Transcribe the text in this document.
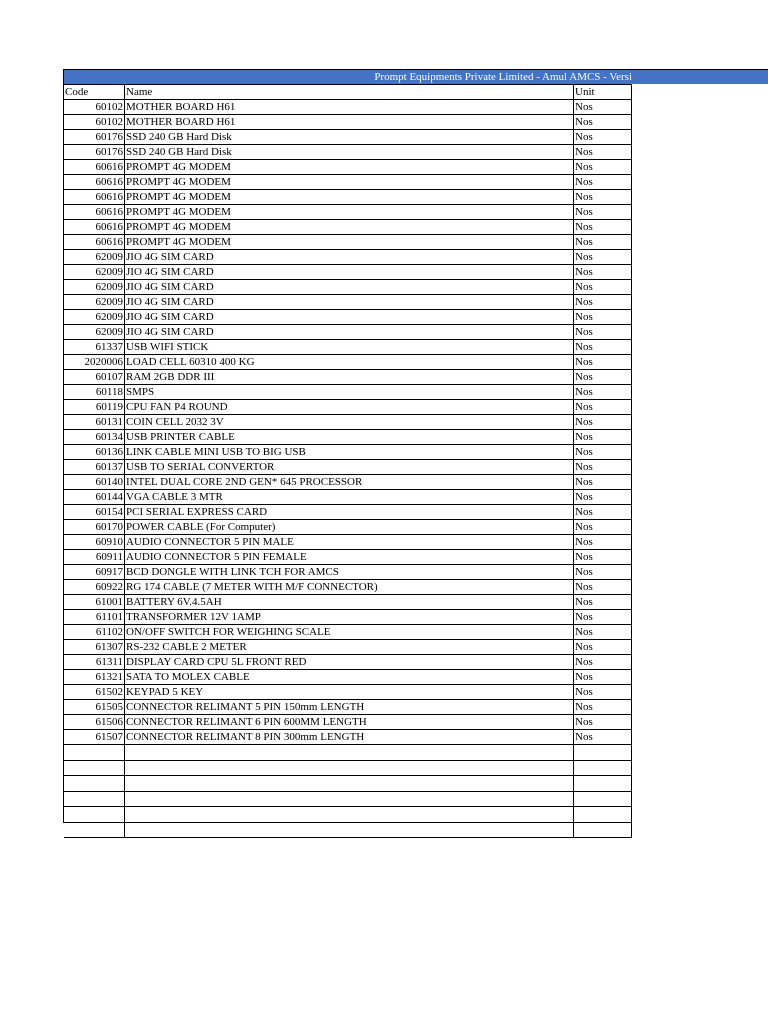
Prompt Equipments Private Limited - Amul AMCS - Versi
Code	Name	Unit
60102	MOTHER BOARD H61	Nos
60102	MOTHER BOARD H61	Nos
60176	SSD 240 GB Hard Disk	Nos
60176	SSD 240 GB Hard Disk	Nos
60616	PROMPT 4G MODEM	Nos
60616	PROMPT 4G MODEM	Nos
60616	PROMPT 4G MODEM	Nos
60616	PROMPT 4G MODEM	Nos
60616	PROMPT 4G MODEM	Nos
60616	PROMPT 4G MODEM	Nos
62009	JIO 4G SIM CARD	Nos
62009	JIO 4G SIM CARD	Nos
62009	JIO 4G SIM CARD	Nos
62009	JIO 4G SIM CARD	Nos
62009	JIO 4G SIM CARD	Nos
62009	JIO 4G SIM CARD	Nos
61337	USB WIFI STICK	Nos
2020006	LOAD CELL 60310 400 KG	Nos
60107	RAM 2GB DDR III	Nos
60118	SMPS	Nos
60119	CPU FAN P4 ROUND	Nos
60131	COIN CELL 2032 3V	Nos
60134	USB PRINTER CABLE	Nos
60136	LINK CABLE MINI USB TO BIG USB	Nos
60137	USB TO SERIAL CONVERTOR	Nos
60140	INTEL DUAL CORE 2ND GEN* 645 PROCESSOR	Nos
60144	VGA CABLE 3 MTR	Nos
60154	PCI SERIAL EXPRESS CARD	Nos
60170	POWER CABLE (For Computer)	Nos
60910	AUDIO CONNECTOR 5 PIN MALE	Nos
60911	AUDIO CONNECTOR 5 PIN FEMALE	Nos
60917	BCD DONGLE WITH LINK TCH FOR AMCS	Nos
60922	RG 174 CABLE (7 METER WITH M/F CONNECTOR)	Nos
61001	BATTERY 6V.4.5AH	Nos
61101	TRANSFORMER 12V 1AMP	Nos
61102	ON/OFF SWITCH FOR WEIGHING SCALE	Nos
61307	RS-232 CABLE 2 METER	Nos
61311	DISPLAY CARD CPU 5L FRONT RED	Nos
61321	SATA TO MOLEX CABLE	Nos
61502	KEYPAD 5 KEY	Nos
61505	CONNECTOR RELIMANT 5 PIN 150mm LENGTH	Nos
61506	CONNECTOR RELIMANT 6 PIN 600MM LENGTH	Nos
61507	CONNECTOR RELIMANT 8 PIN 300mm LENGTH	Nos
